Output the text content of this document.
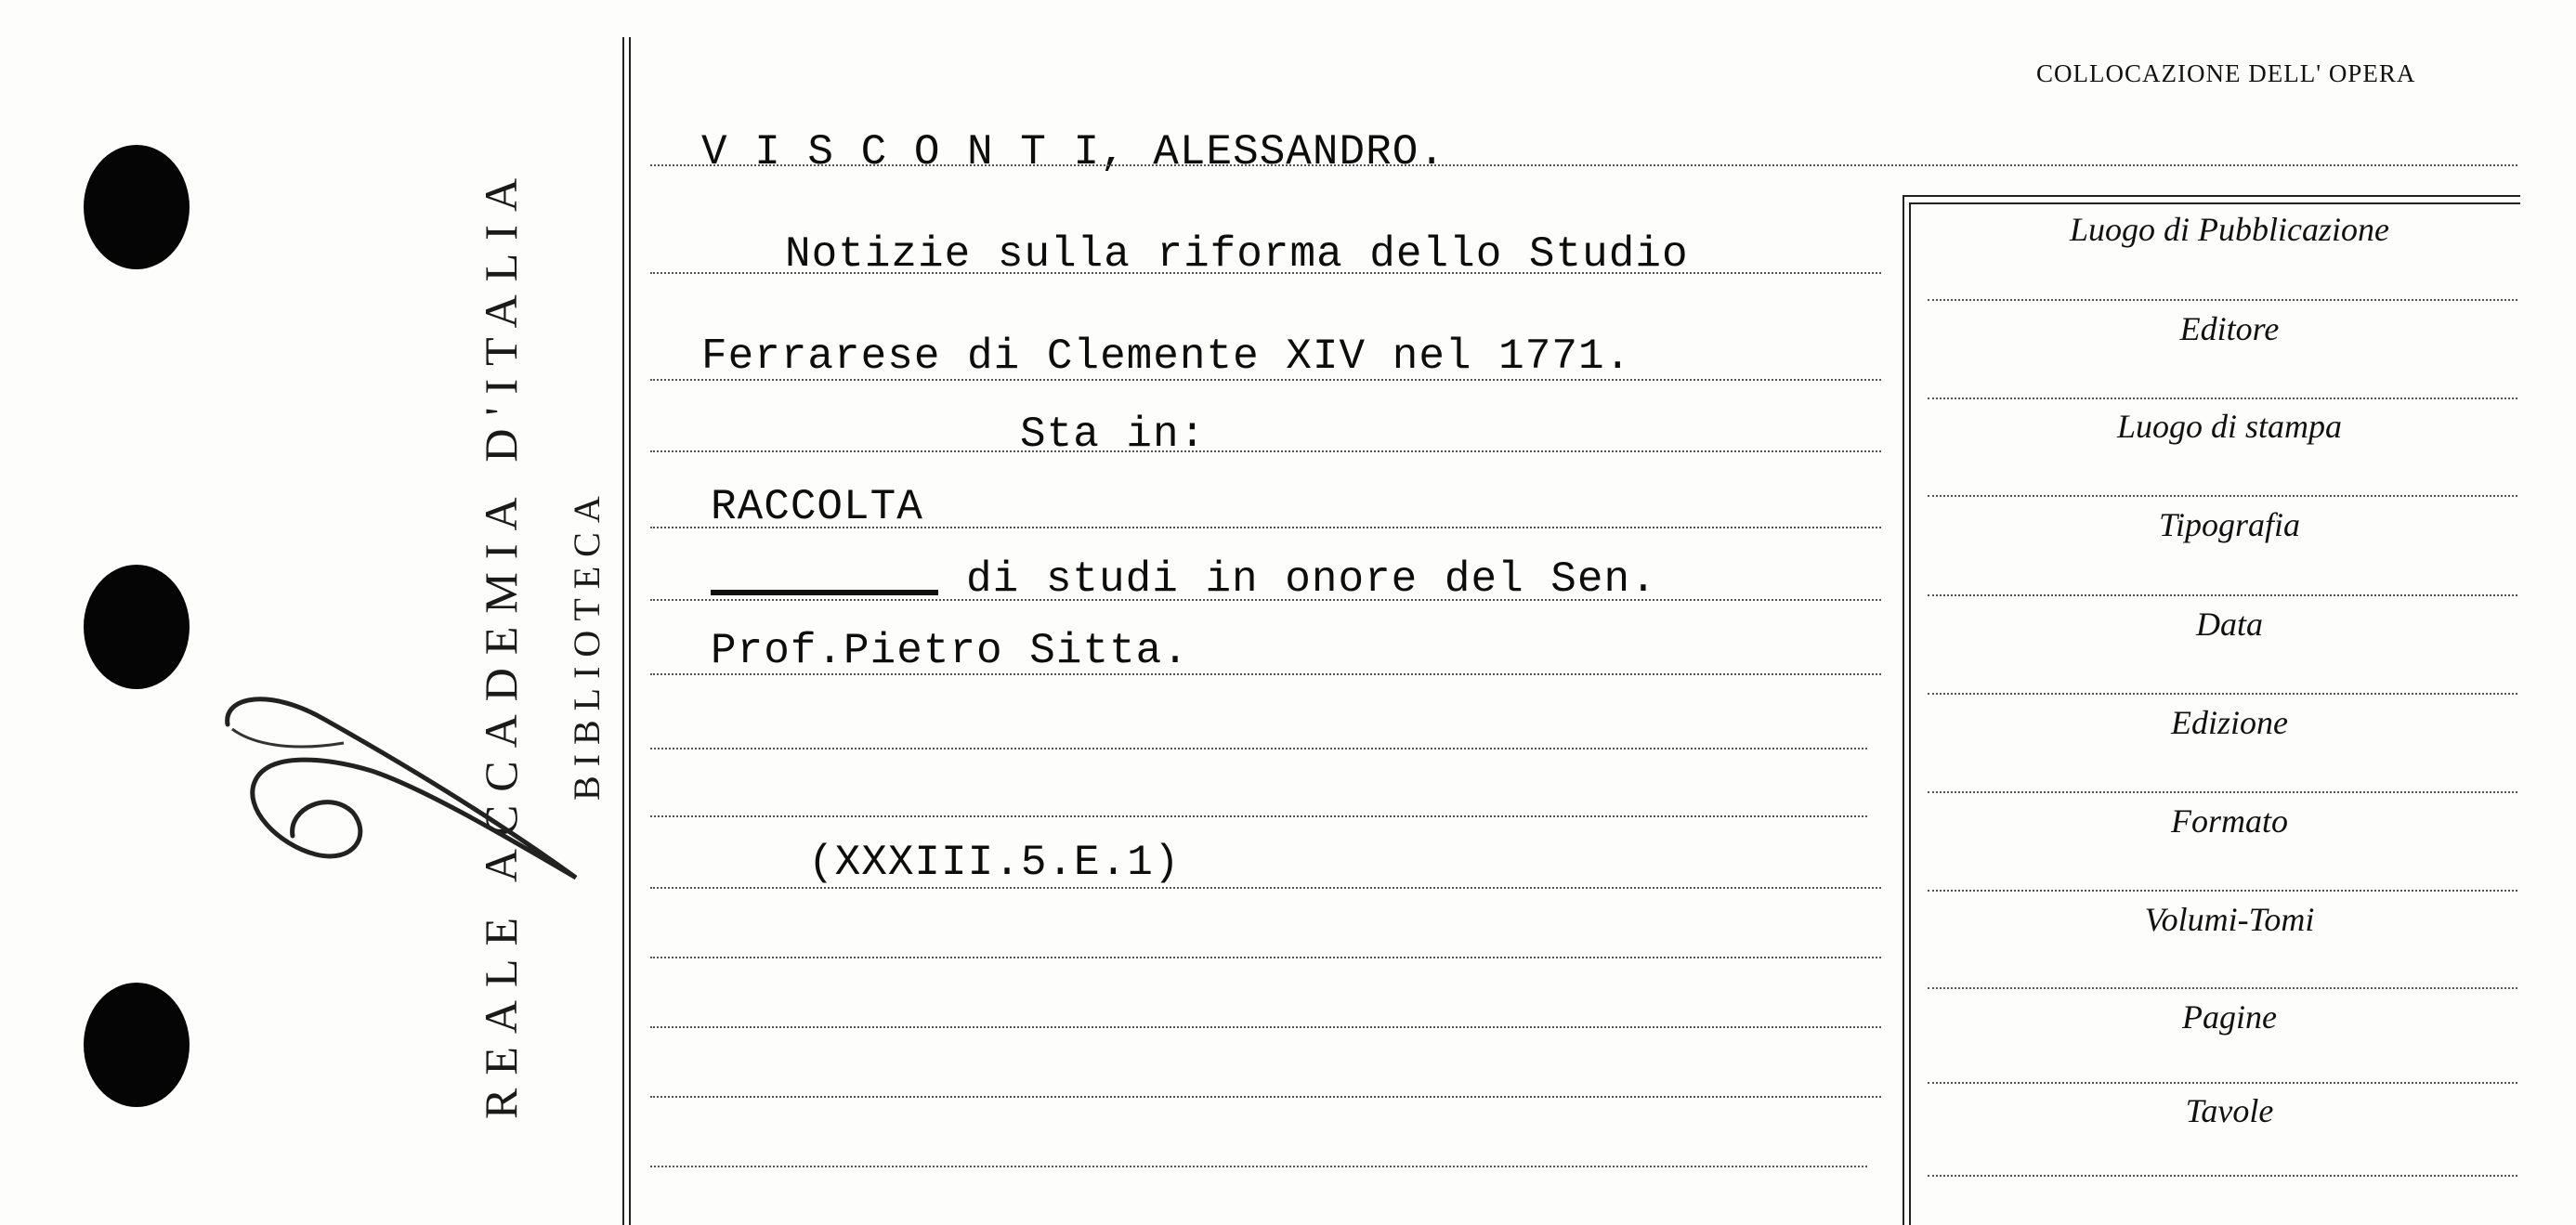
REALE ACCADEMIA D'ITALIA BIBLIOTECA
COLLOCAZIONE DELL' OPERA
V I S C O N T I, ALESSANDRO.
Notizie sulla riforma dello Studio
Ferrarese di Clemente XIV nel 1771.
Sta in:
RACCOLTA
di studi in onore del Sen.
Prof.Pietro Sitta.
(XXXIII.5.E.1)
Luogo di Pubblicazione
Editore
Luogo di stampa
Tipografia
Data
Edizione
Formato
Volumi-Tomi
Pagine
Tavole
